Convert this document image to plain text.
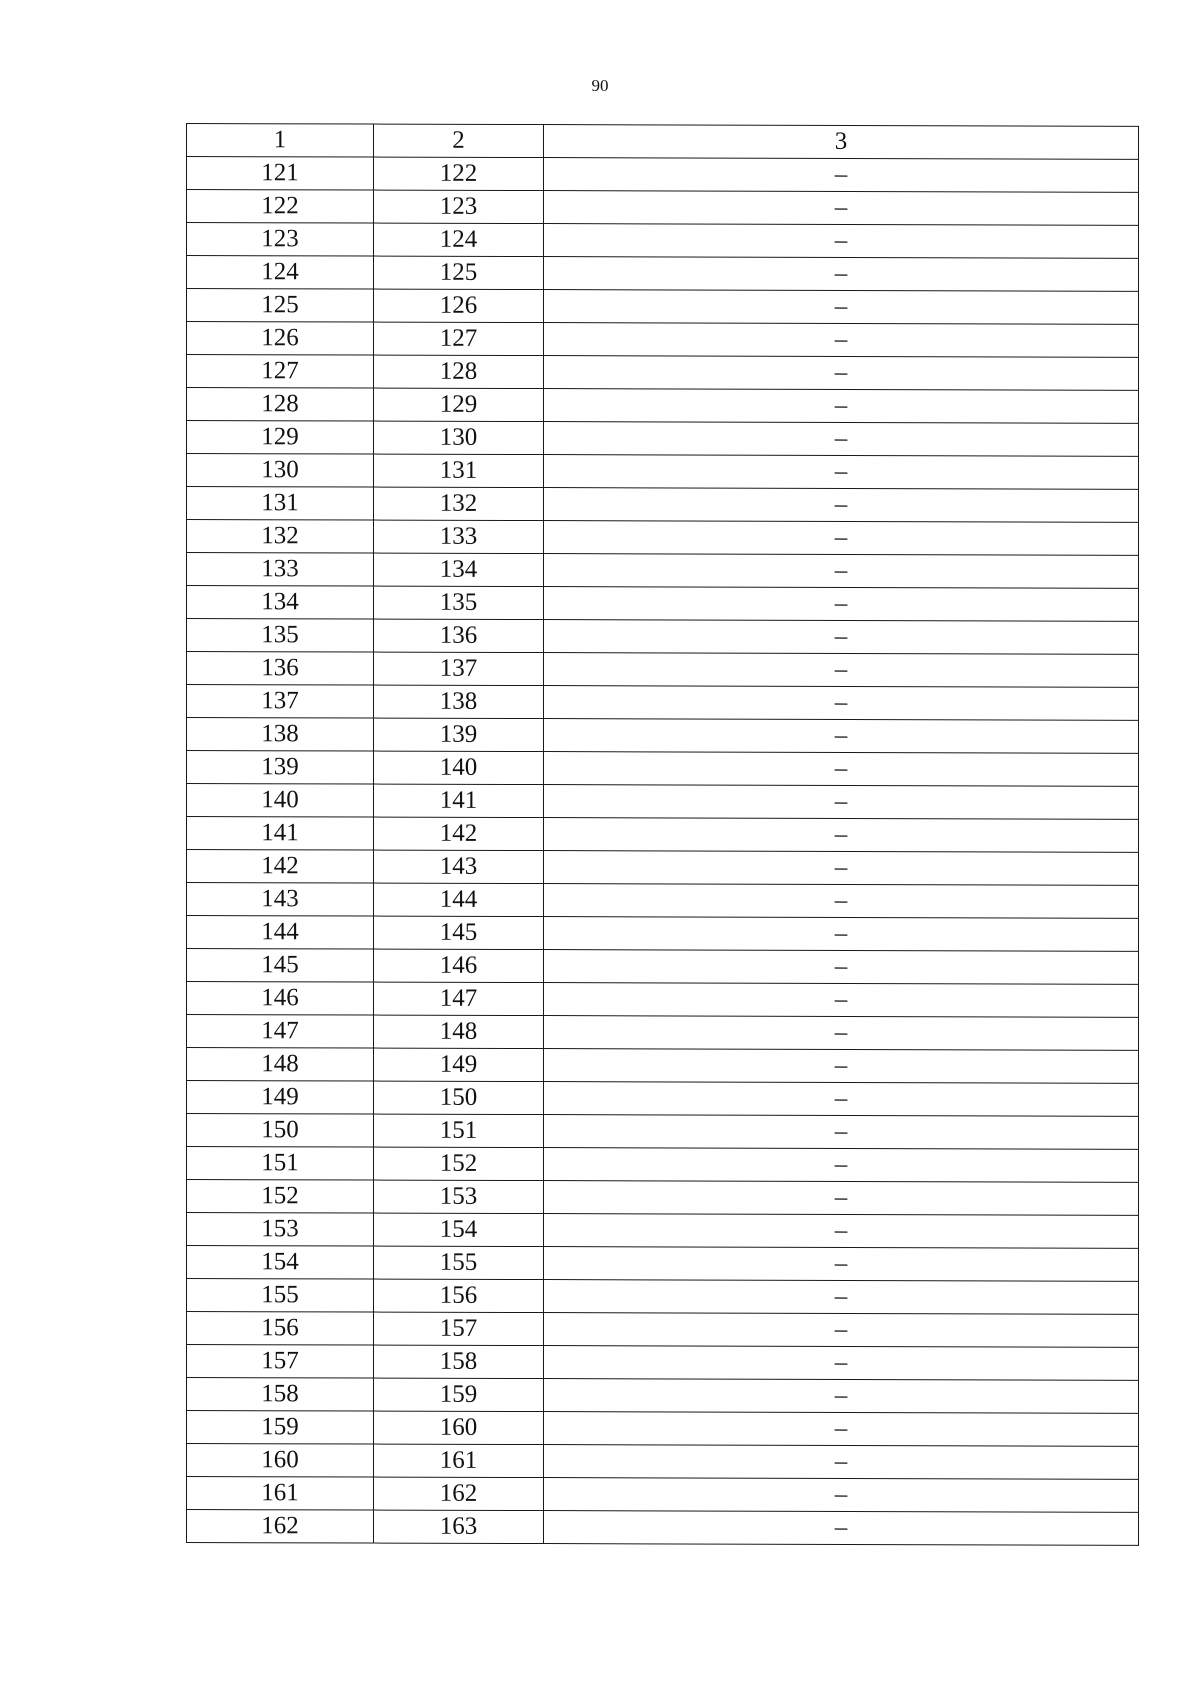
90
1	2	3
121	122	–
122	123	–
123	124	–
124	125	–
125	126	–
126	127	–
127	128	–
128	129	–
129	130	–
130	131	–
131	132	–
132	133	–
133	134	–
134	135	–
135	136	–
136	137	–
137	138	–
138	139	–
139	140	–
140	141	–
141	142	–
142	143	–
143	144	–
144	145	–
145	146	–
146	147	–
147	148	–
148	149	–
149	150	–
150	151	–
151	152	–
152	153	–
153	154	–
154	155	–
155	156	–
156	157	–
157	158	–
158	159	–
159	160	–
160	161	–
161	162	–
162	163	–
